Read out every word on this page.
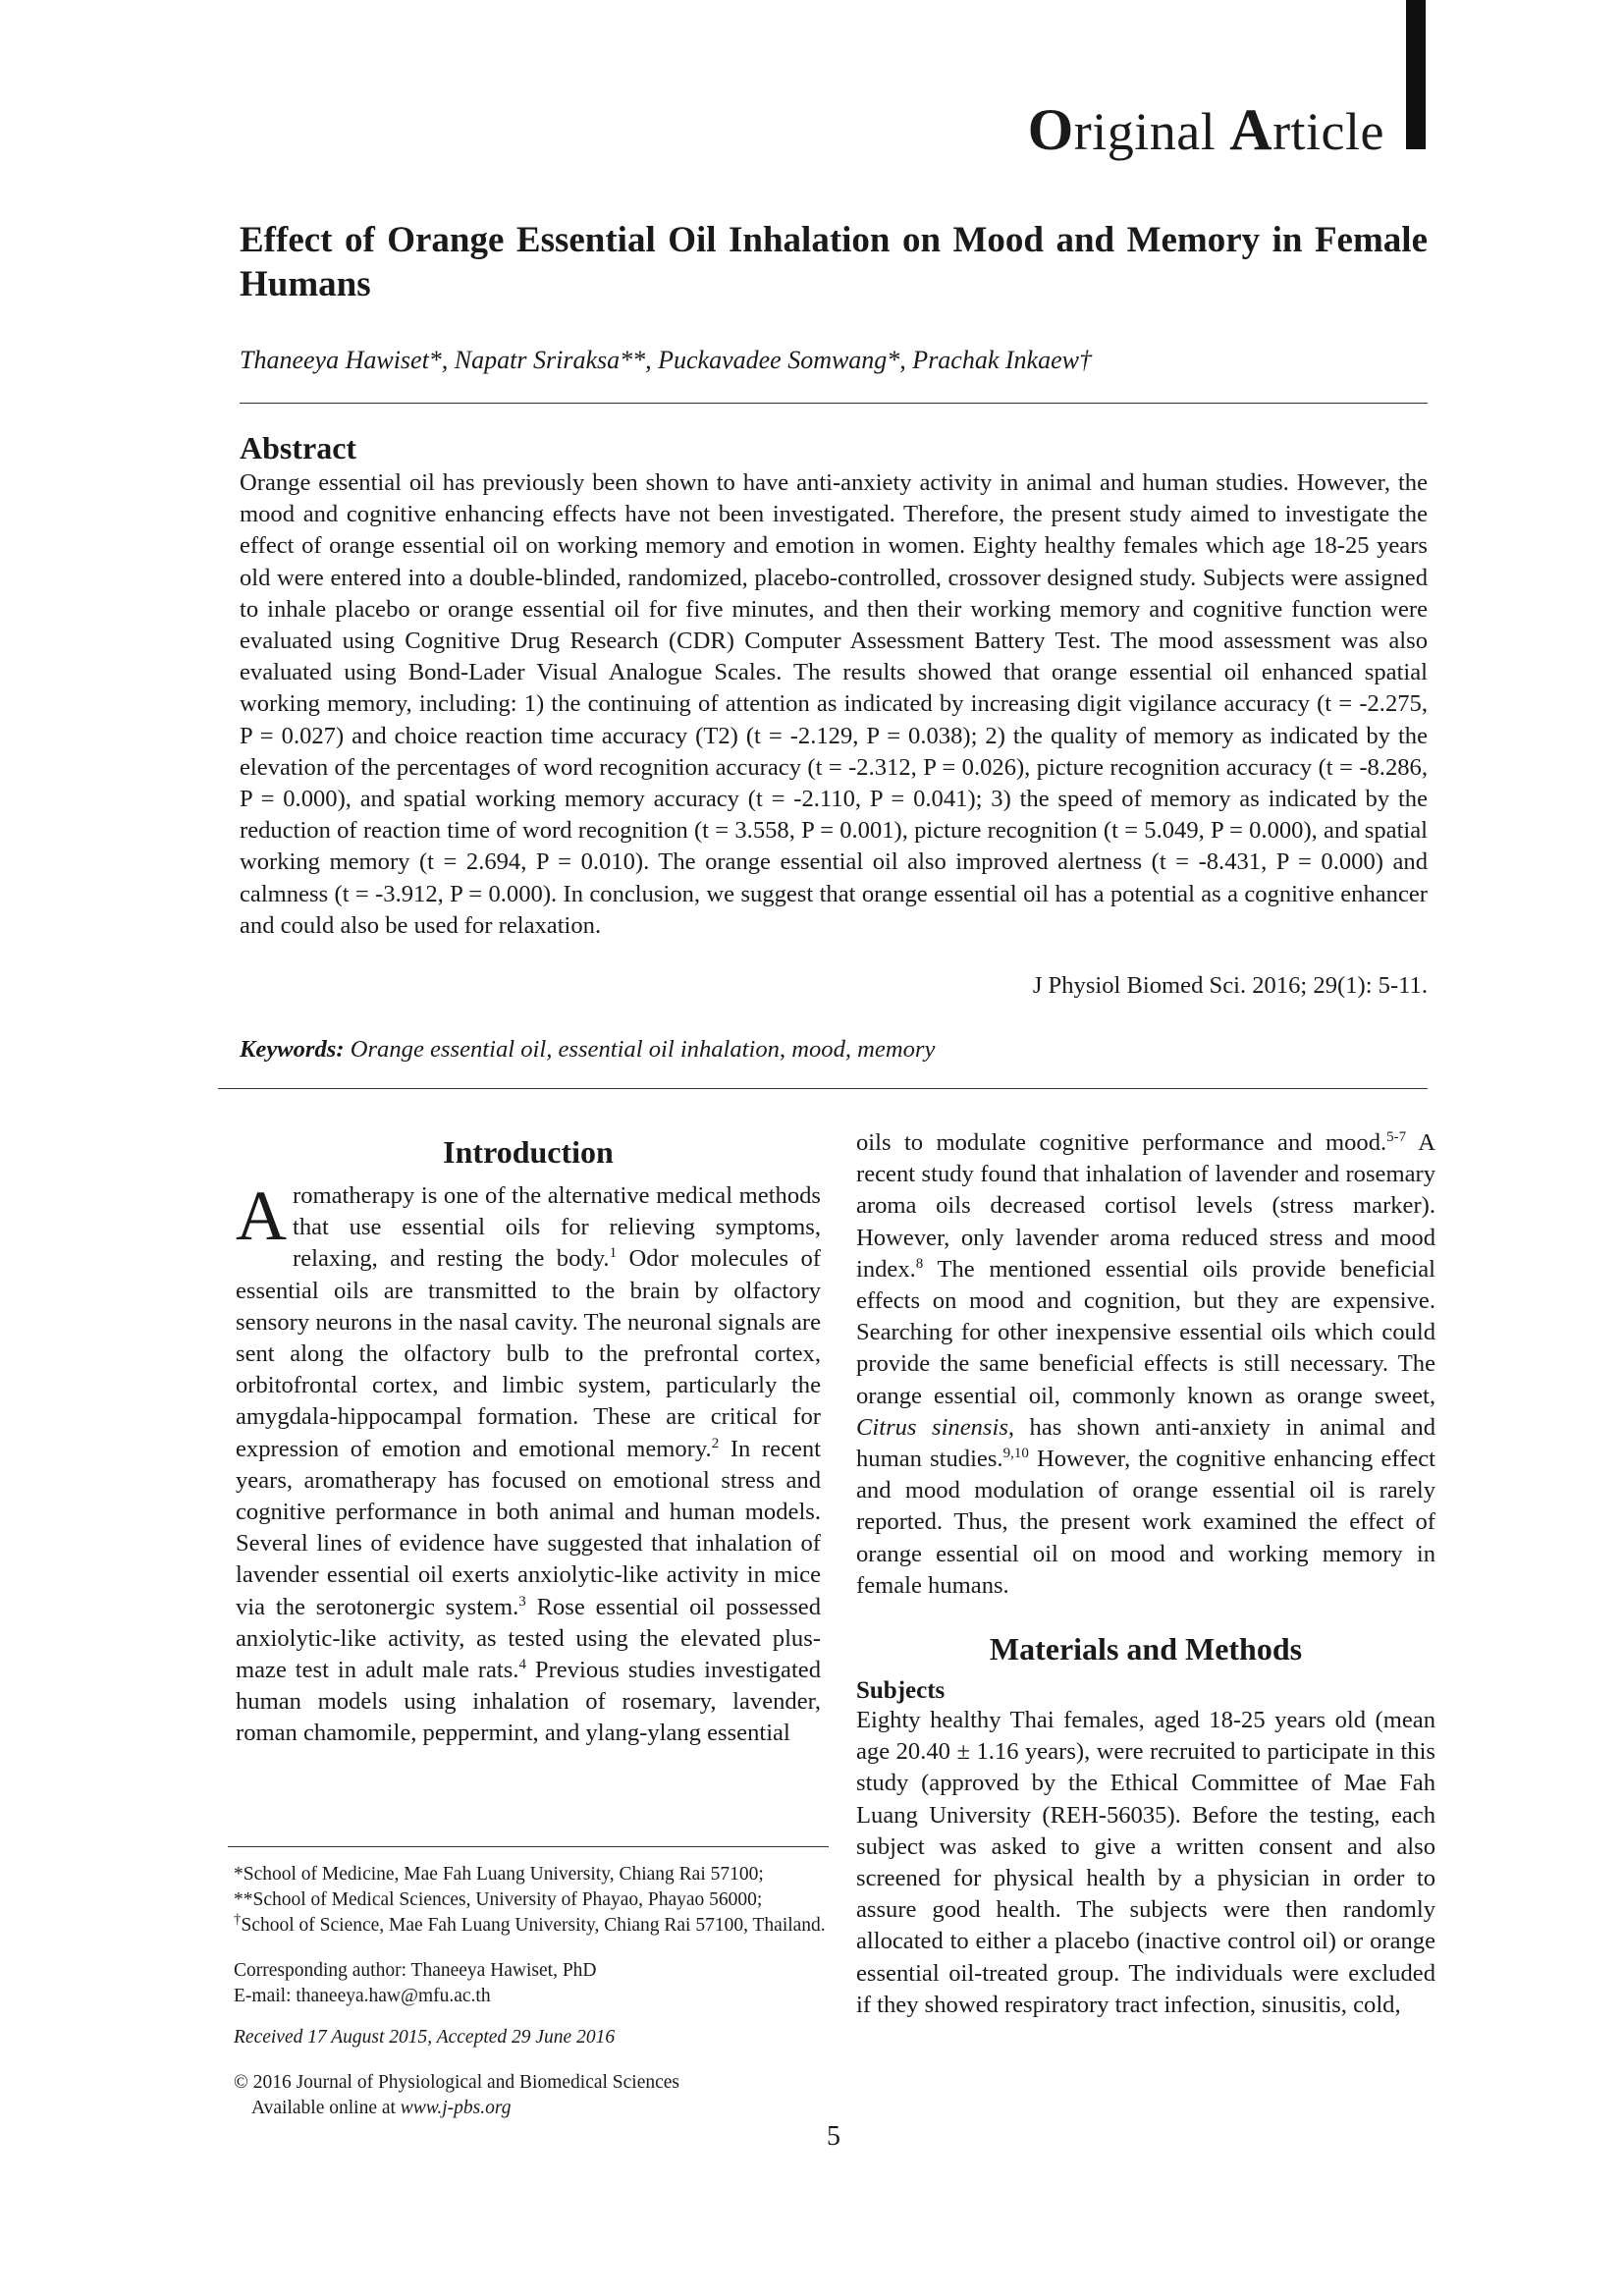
Original Article
Effect of Orange Essential Oil Inhalation on Mood and Memory in Female Humans
Thaneeya Hawiset*, Napatr Sriraksa**, Puckavadee Somwang*, Prachak Inkaew†
Abstract
Orange essential oil has previously been shown to have anti-anxiety activity in animal and human studies. However, the mood and cognitive enhancing effects have not been investigated. Therefore, the present study aimed to investigate the effect of orange essential oil on working memory and emotion in women. Eighty healthy females which age 18-25 years old were entered into a double-blinded, randomized, placebo-controlled, crossover designed study. Subjects were assigned to inhale placebo or orange essential oil for five minutes, and then their working memory and cognitive function were evaluated using Cognitive Drug Research (CDR) Computer Assessment Battery Test. The mood assessment was also evaluated using Bond-Lader Visual Analogue Scales. The results showed that orange essential oil enhanced spatial working memory, including: 1) the continuing of attention as indicated by increasing digit vigilance accuracy (t = -2.275, P = 0.027) and choice reaction time accuracy (T2) (t = -2.129, P = 0.038); 2) the quality of memory as indicated by the elevation of the percentages of word recognition accuracy (t = -2.312, P = 0.026), picture recognition accuracy (t = -8.286, P = 0.000), and spatial working memory accuracy (t = -2.110, P = 0.041); 3) the speed of memory as indicated by the reduction of reaction time of word recognition (t = 3.558, P = 0.001), picture recognition (t = 5.049, P = 0.000), and spatial working memory (t = 2.694, P = 0.010). The orange essential oil also improved alertness (t = -8.431, P = 0.000) and calmness (t = -3.912, P = 0.000). In conclusion, we suggest that orange essential oil has a potential as a cognitive enhancer and could also be used for relaxation.
J Physiol Biomed Sci. 2016; 29(1): 5-11.
Keywords: Orange essential oil, essential oil inhalation, mood, memory
Introduction
Aromatherapy is one of the alternative medical methods that use essential oils for relieving symptoms, relaxing, and resting the body.$^1$ Odor molecules of essential oils are transmitted to the brain by olfactory sensory neurons in the nasal cavity. The neuronal signals are sent along the olfactory bulb to the prefrontal cortex, orbitofrontal cortex, and limbic system, particularly the amygdala-hippocampal formation. These are critical for expression of emotion and emotional memory.$^2$ In recent years, aromatherapy has focused on emotional stress and cognitive performance in both animal and human models. Several lines of evidence have suggested that inhalation of lavender essential oil exerts anxiolytic-like activity in mice via the serotonergic system.$^3$ Rose essential oil possessed anxiolytic-like activity, as tested using the elevated plus-maze test in adult male rats.$^4$ Previous studies investigated human models using inhalation of rosemary, lavender, roman chamomile, peppermint, and ylang-ylang essential

*School of Medicine, Mae Fah Luang University, Chiang Rai 57100;

**School of Medical Sciences, University of Phayao, Phayao 56000;

†School of Science, Mae Fah Luang University, Chiang Rai 57100, Thailand.

Corresponding author: Thaneeya Hawiset, PhD

E-mail: thaneeya.haw@mfu.ac.th

Received 17 August 2015, Accepted 29 June 2016

© 2016 Journal of Physiological and Biomedical Sciences

Available online at www.j-pbs.org

oils to modulate cognitive performance and mood.$^{5-7}$ A recent study found that inhalation of lavender and rosemary aroma oils decreased cortisol levels (stress marker). However, only lavender aroma reduced stress and mood index.$^8$ The mentioned essential oils provide beneficial effects on mood and cognition, but they are expensive. Searching for other inexpensive essential oils which could provide the same beneficial effects is still necessary. The orange essential oil, commonly known as orange sweet, Citrus sinensis, has shown anti-anxiety in animal and human studies.$^{9,10}$ However, the cognitive enhancing effect and mood modulation of orange essential oil is rarely reported. Thus, the present work examined the effect of orange essential oil on mood and working memory in female humans.
Materials and Methods
Subjects
Eighty healthy Thai females, aged 18-25 years old (mean age 20.40 ± 1.16 years), were recruited to participate in this study (approved by the Ethical Committee of Mae Fah Luang University (REH-56035). Before the testing, each subject was asked to give a written consent and also screened for physical health by a physician in order to assure good health. The subjects were then randomly allocated to either a placebo (inactive control oil) or orange essential oil-treated group. The individuals were excluded if they showed respiratory tract infection, sinusitis, cold,
5
